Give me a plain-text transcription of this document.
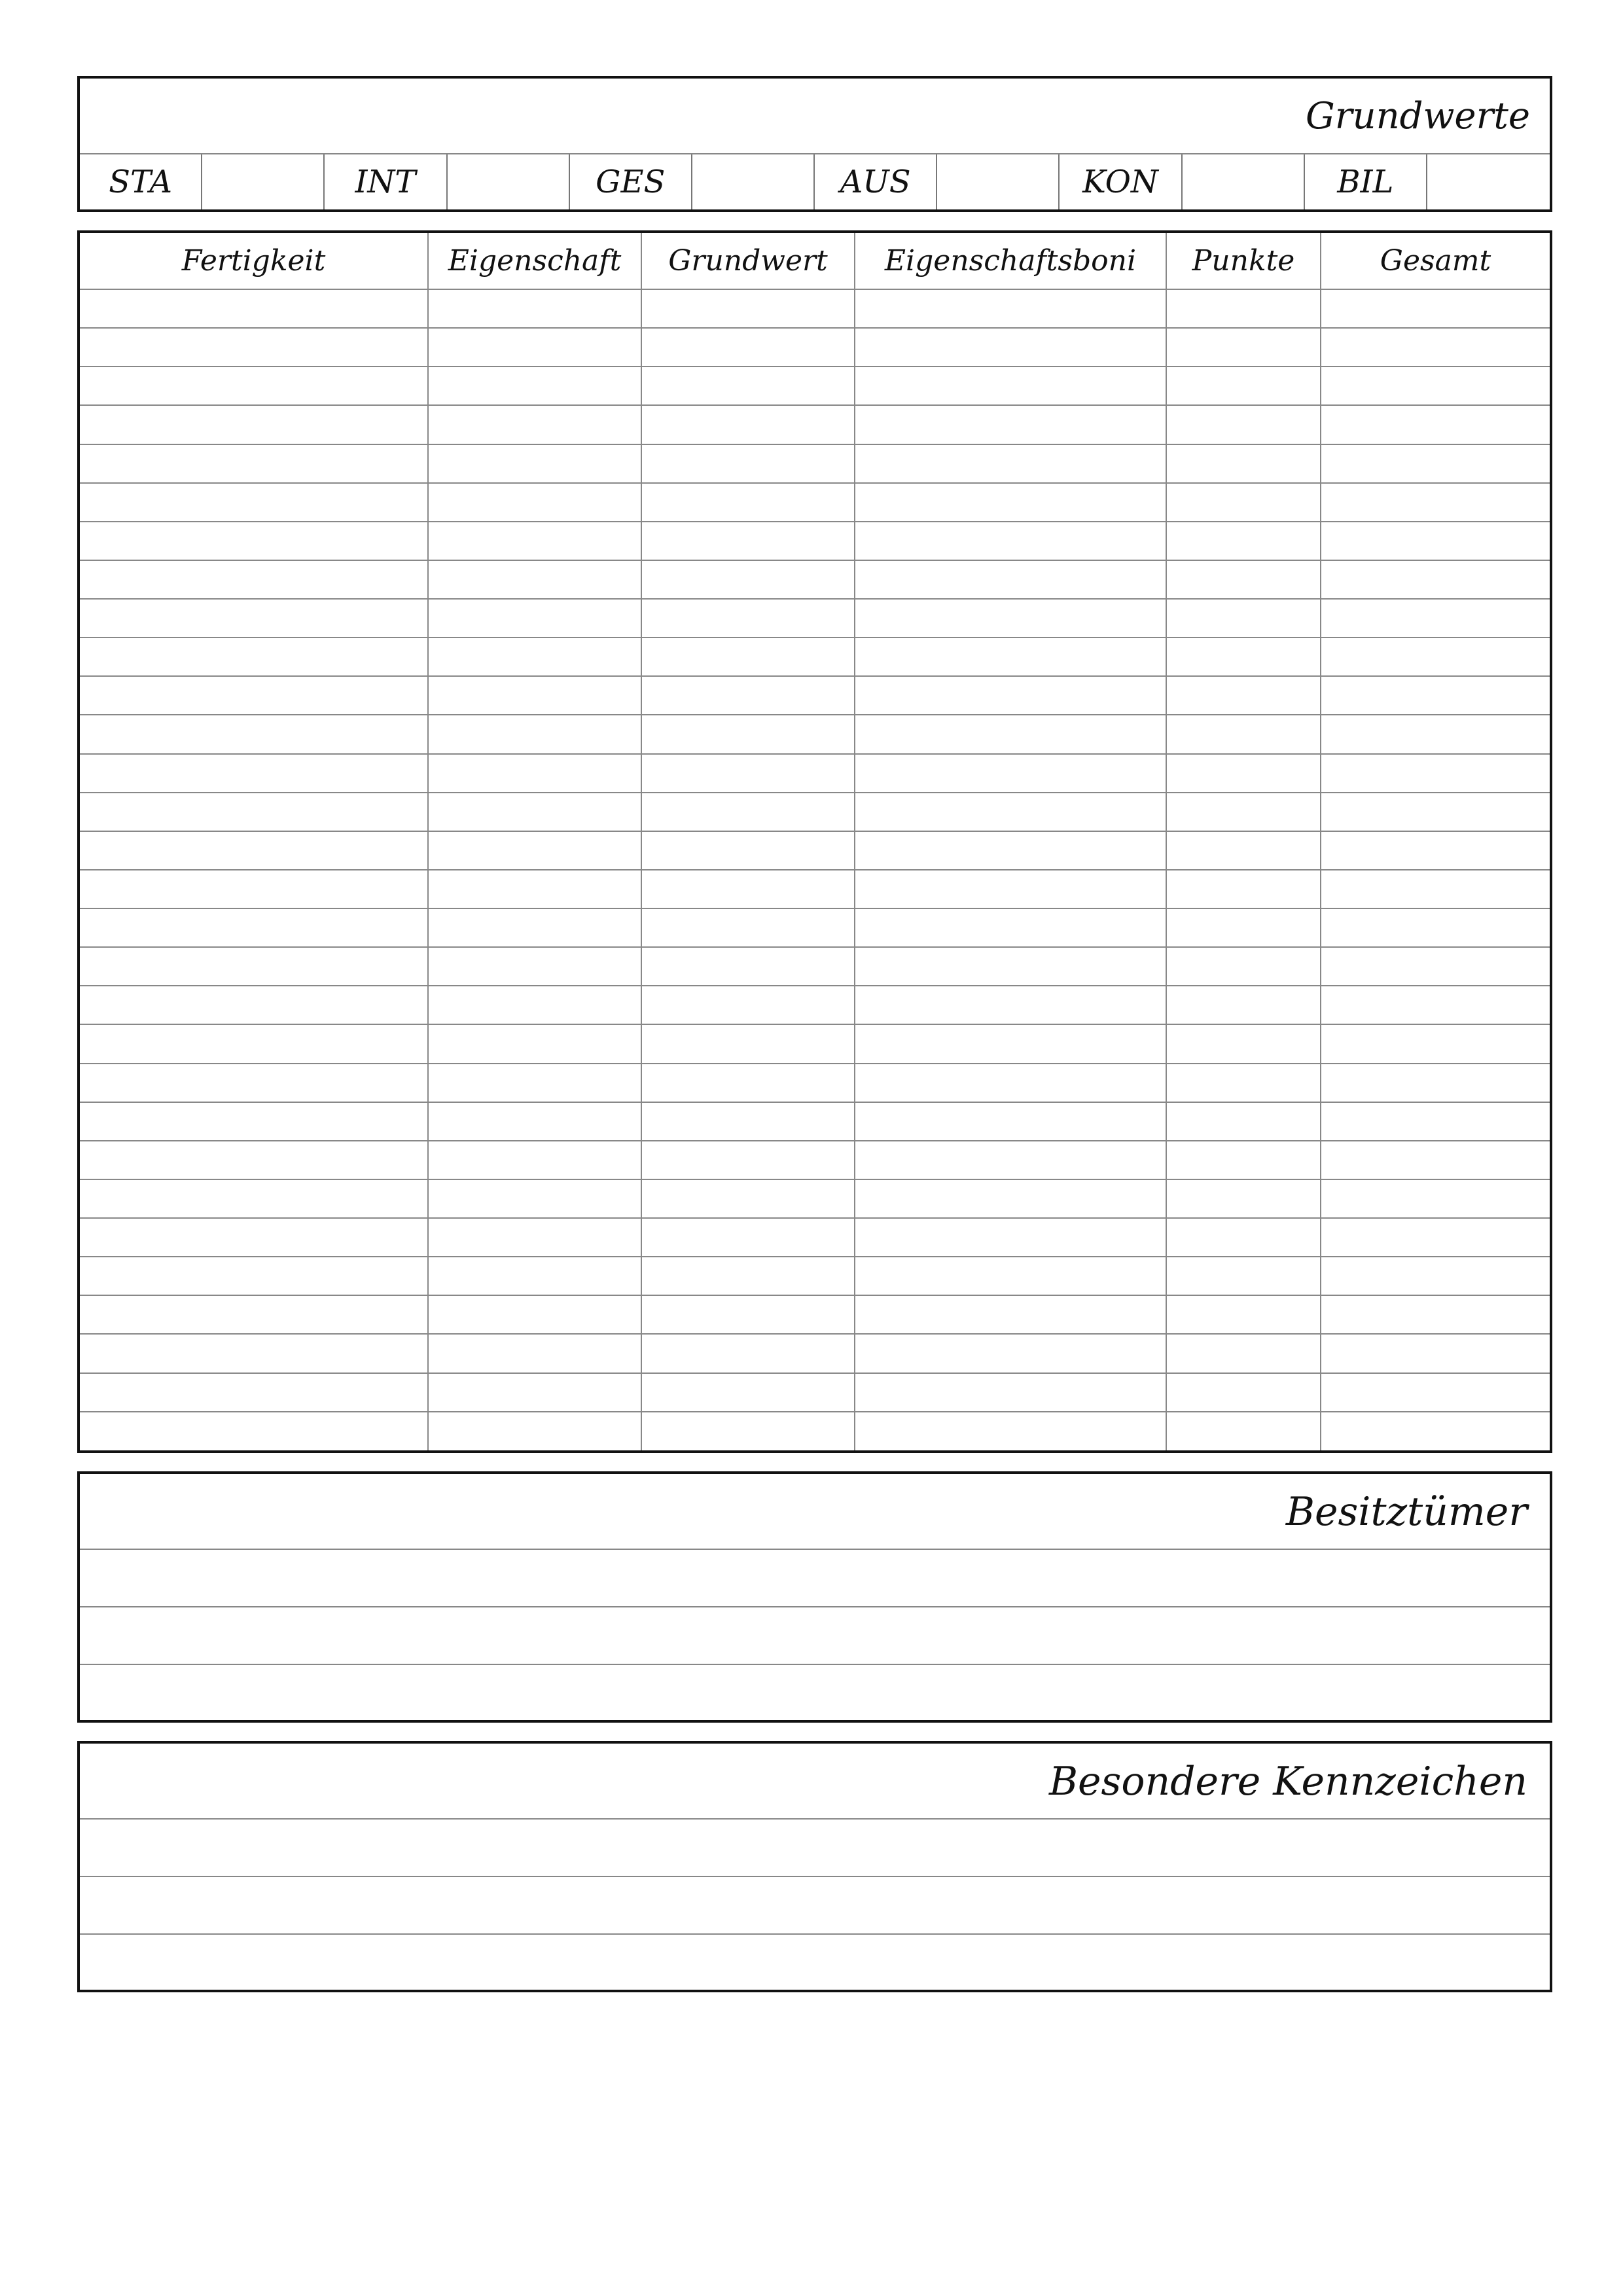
Grundwerte
STA	INT	GES	AUS	KON	BIL
Fertigkeit	Eigenschaft	Grundwert	Eigenschaftsboni	Punkte	Gesamt

Besitztümer
Besondere Kennzeichen
